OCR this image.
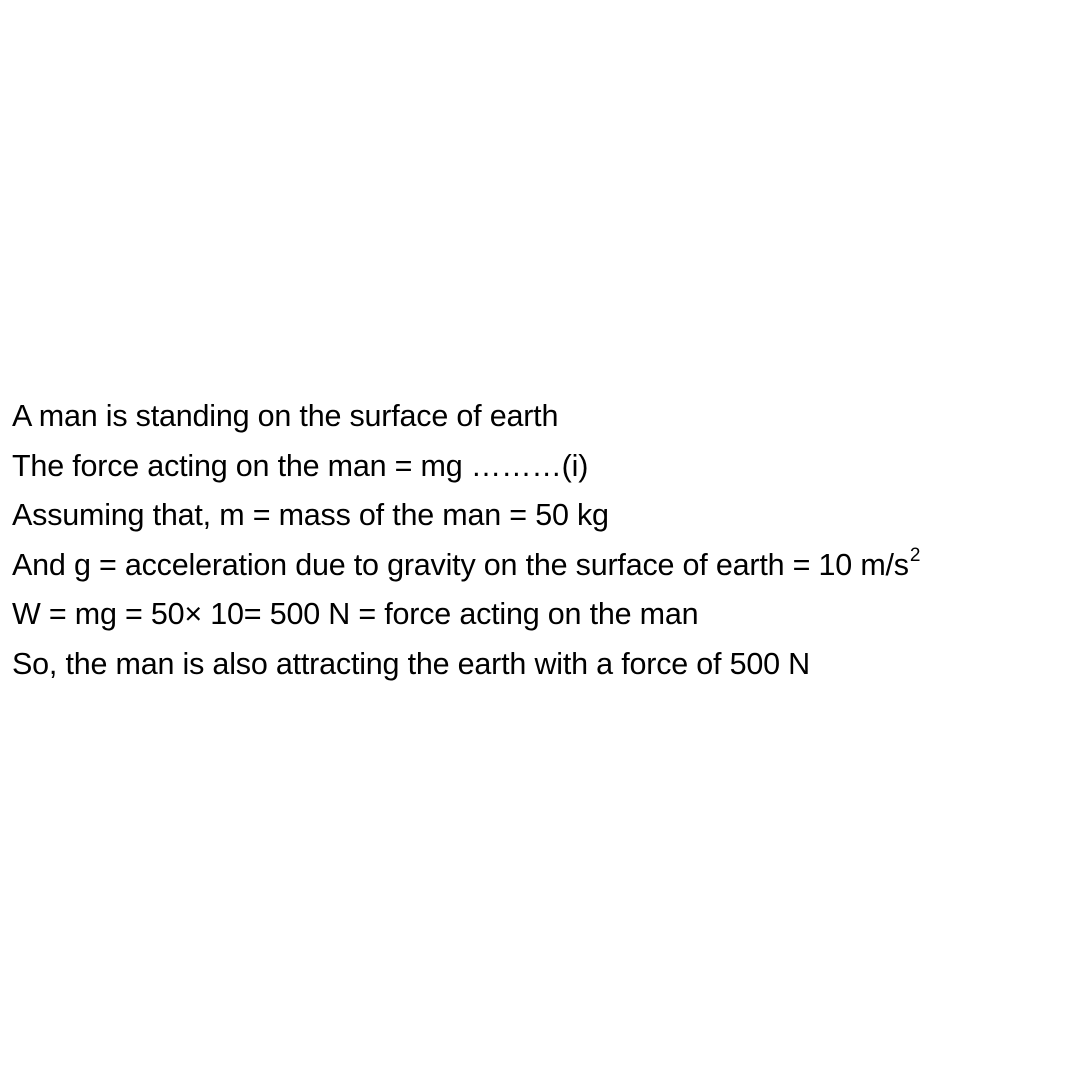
A man is standing on the surface of earth
The force acting on the man = mg ………(i)
Assuming that, m = mass of the man = 50 kg
And g = acceleration due to gravity on the surface of earth = 10 $m/s^2$
W = mg = 50× 10= 500 N = force acting on the man
So, the man is also attracting the earth with a force of 500 N
